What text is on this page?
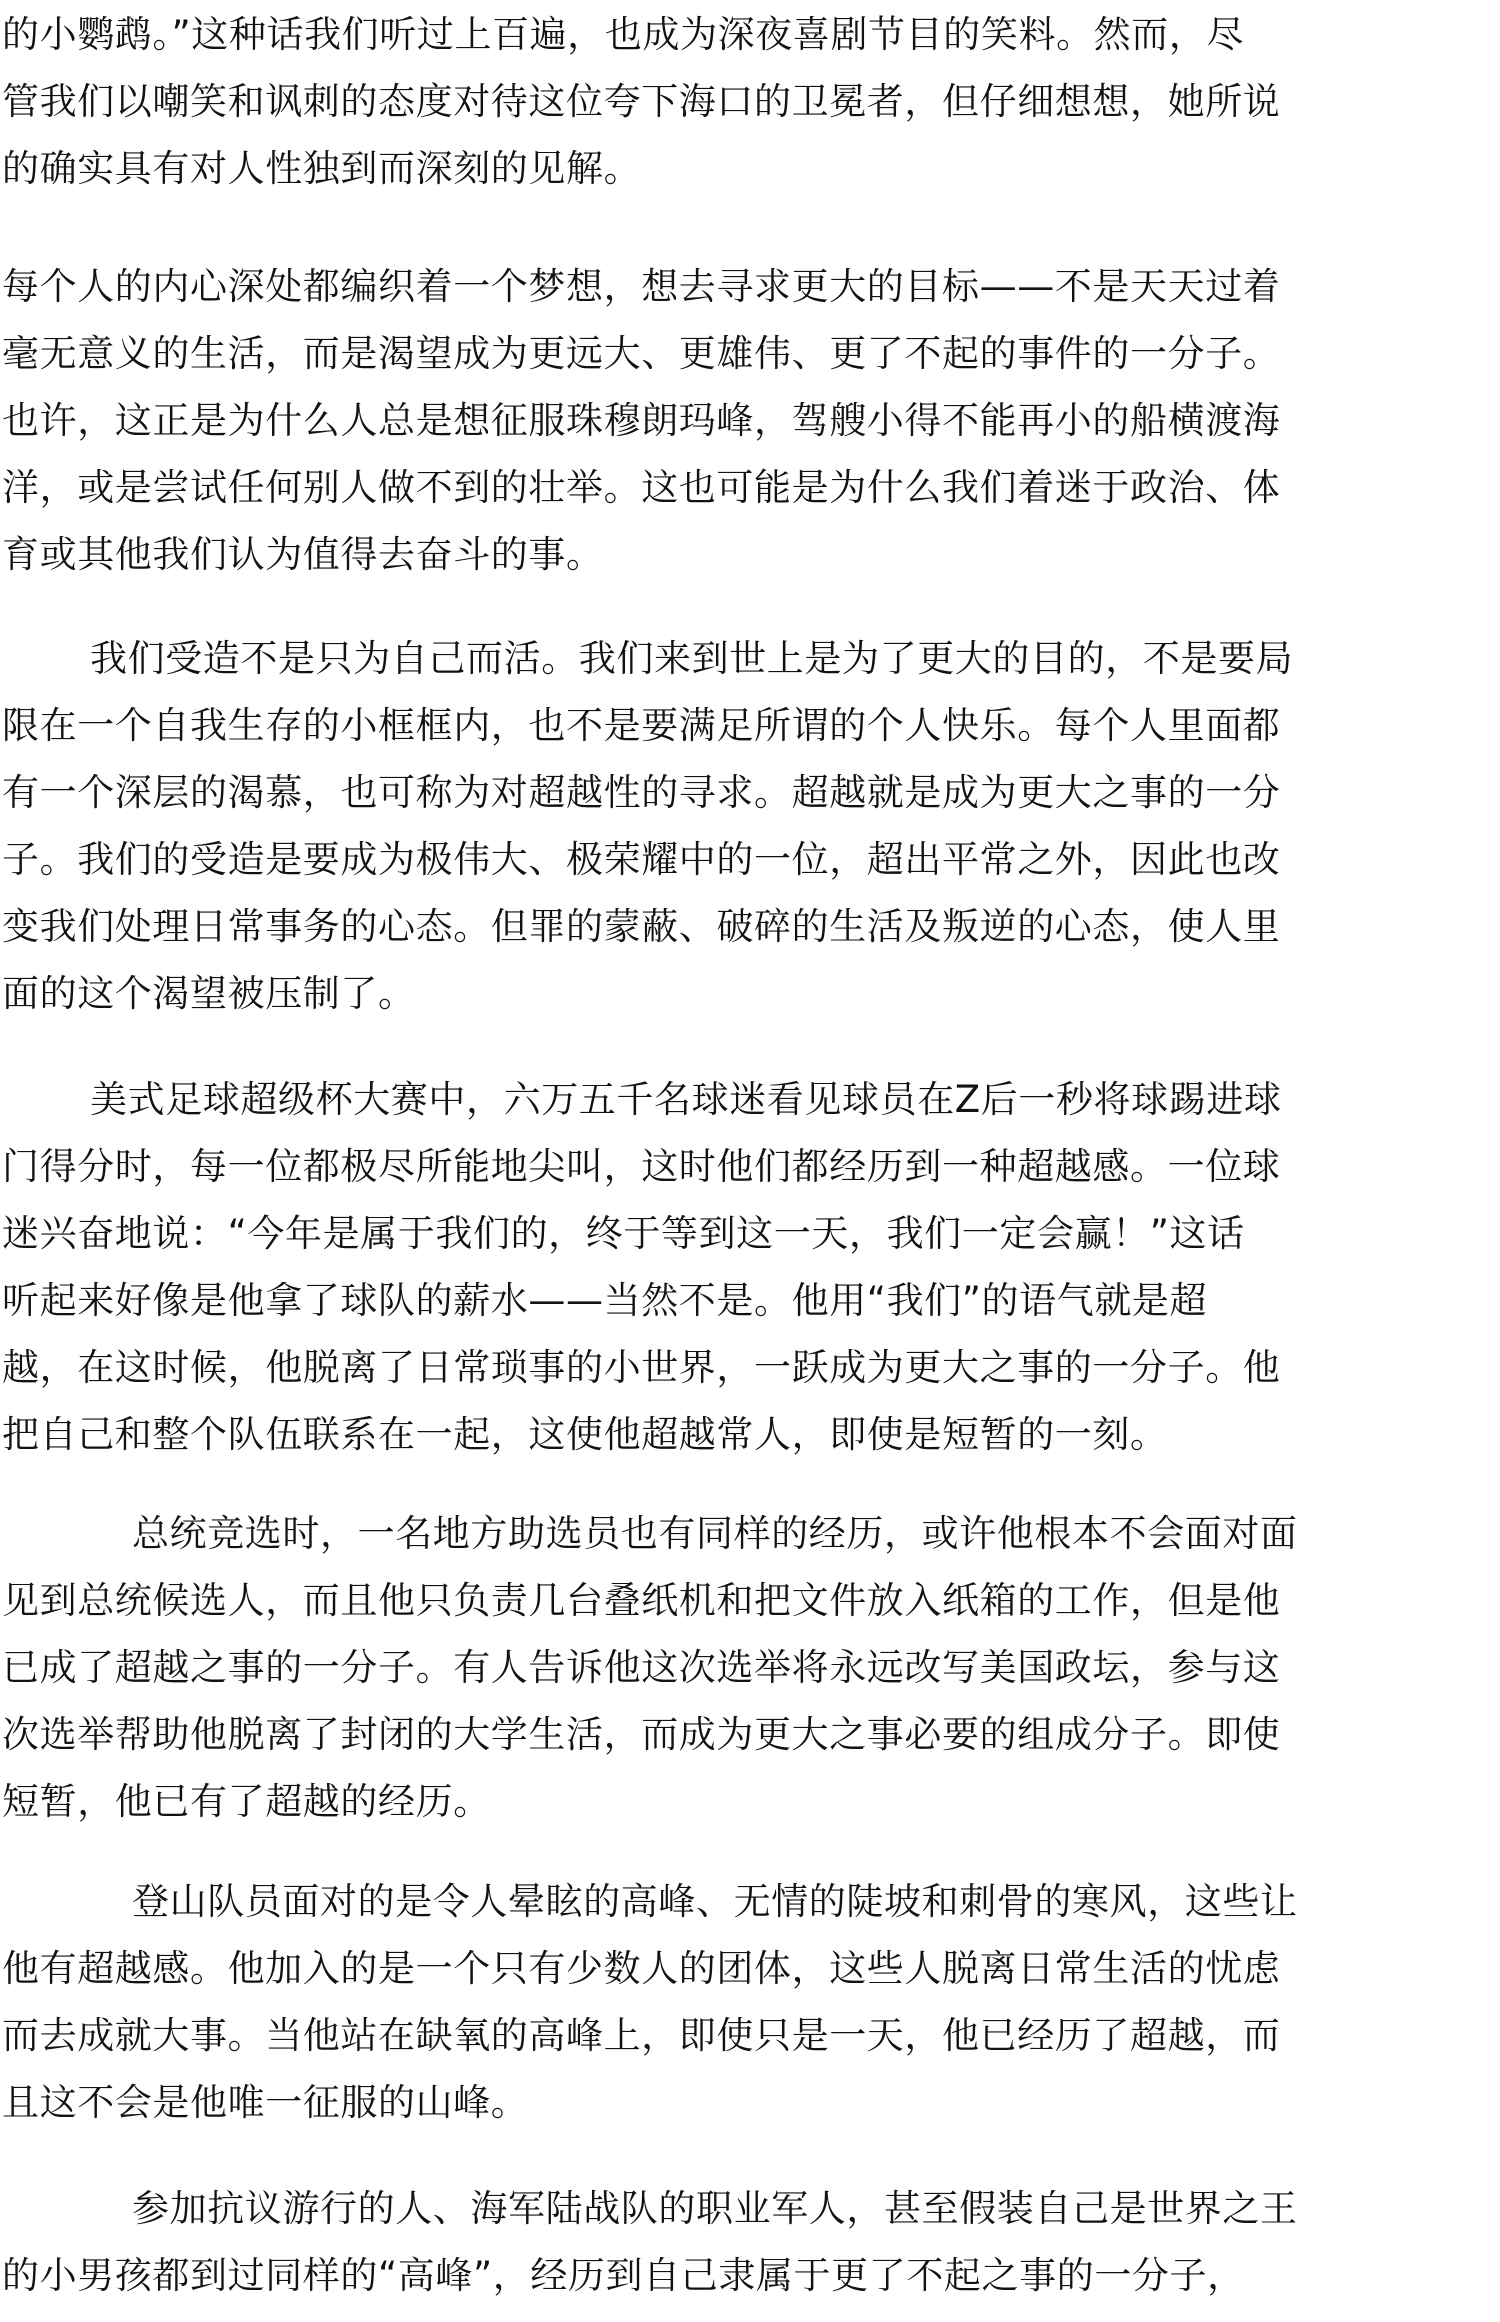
的小鹦鹉。”这种话我们听过上百遍，也成为深夜喜剧节目的笑料。然而，尽
管我们以嘲笑和讽刺的态度对待这位夸下海口的卫冕者，但仔细想想，她所说
的确实具有对人性独到而深刻的见解。
每个人的内心深处都编织着一个梦想，想去寻求更大的目标——不是天天过着
毫无意义的生活，而是渴望成为更远大、更雄伟、更了不起的事件的一分子。
也许，这正是为什么人总是想征服珠穆朗玛峰，驾艘小得不能再小的船横渡海
洋，或是尝试任何别人做不到的壮举。这也可能是为什么我们着迷于政治、体
育或其他我们认为值得去奋斗的事。
我们受造不是只为自己而活。我们来到世上是为了更大的目的，不是要局
限在一个自我生存的小框框内，也不是要满足所谓的个人快乐。每个人里面都
有一个深层的渴慕，也可称为对超越性的寻求。超越就是成为更大之事的一分
子。我们的受造是要成为极伟大、极荣耀中的一位，超出平常之外，因此也改
变我们处理日常事务的心态。但罪的蒙蔽、破碎的生活及叛逆的心态，使人里
面的这个渴望被压制了。
美式足球超级杯大赛中，六万五千名球迷看见球员在Z后一秒将球踢进球
门得分时，每一位都极尽所能地尖叫，这时他们都经历到一种超越感。一位球
迷兴奋地说：“今年是属于我们的，终于等到这一天，我们一定会赢！”这话
听起来好像是他拿了球队的薪水——当然不是。他用“我们”的语气就是超
越，在这时候，他脱离了日常琐事的小世界，一跃成为更大之事的一分子。他
把自己和整个队伍联系在一起，这使他超越常人，即使是短暂的一刻。
总统竞选时，一名地方助选员也有同样的经历，或许他根本不会面对面
见到总统候选人，而且他只负责几台叠纸机和把文件放入纸箱的工作，但是他
已成了超越之事的一分子。有人告诉他这次选举将永远改写美国政坛，参与这
次选举帮助他脱离了封闭的大学生活，而成为更大之事必要的组成分子。即使
短暂，他已有了超越的经历。
登山队员面对的是令人晕眩的高峰、无情的陡坡和刺骨的寒风，这些让
他有超越感。他加入的是一个只有少数人的团体，这些人脱离日常生活的忧虑
而去成就大事。当他站在缺氧的高峰上，即使只是一天，他已经历了超越，而
且这不会是他唯一征服的山峰。
参加抗议游行的人、海军陆战队的职业军人，甚至假装自己是世界之王
的小男孩都到过同样的“高峰”，经历到自己隶属于更了不起之事的一分子，
